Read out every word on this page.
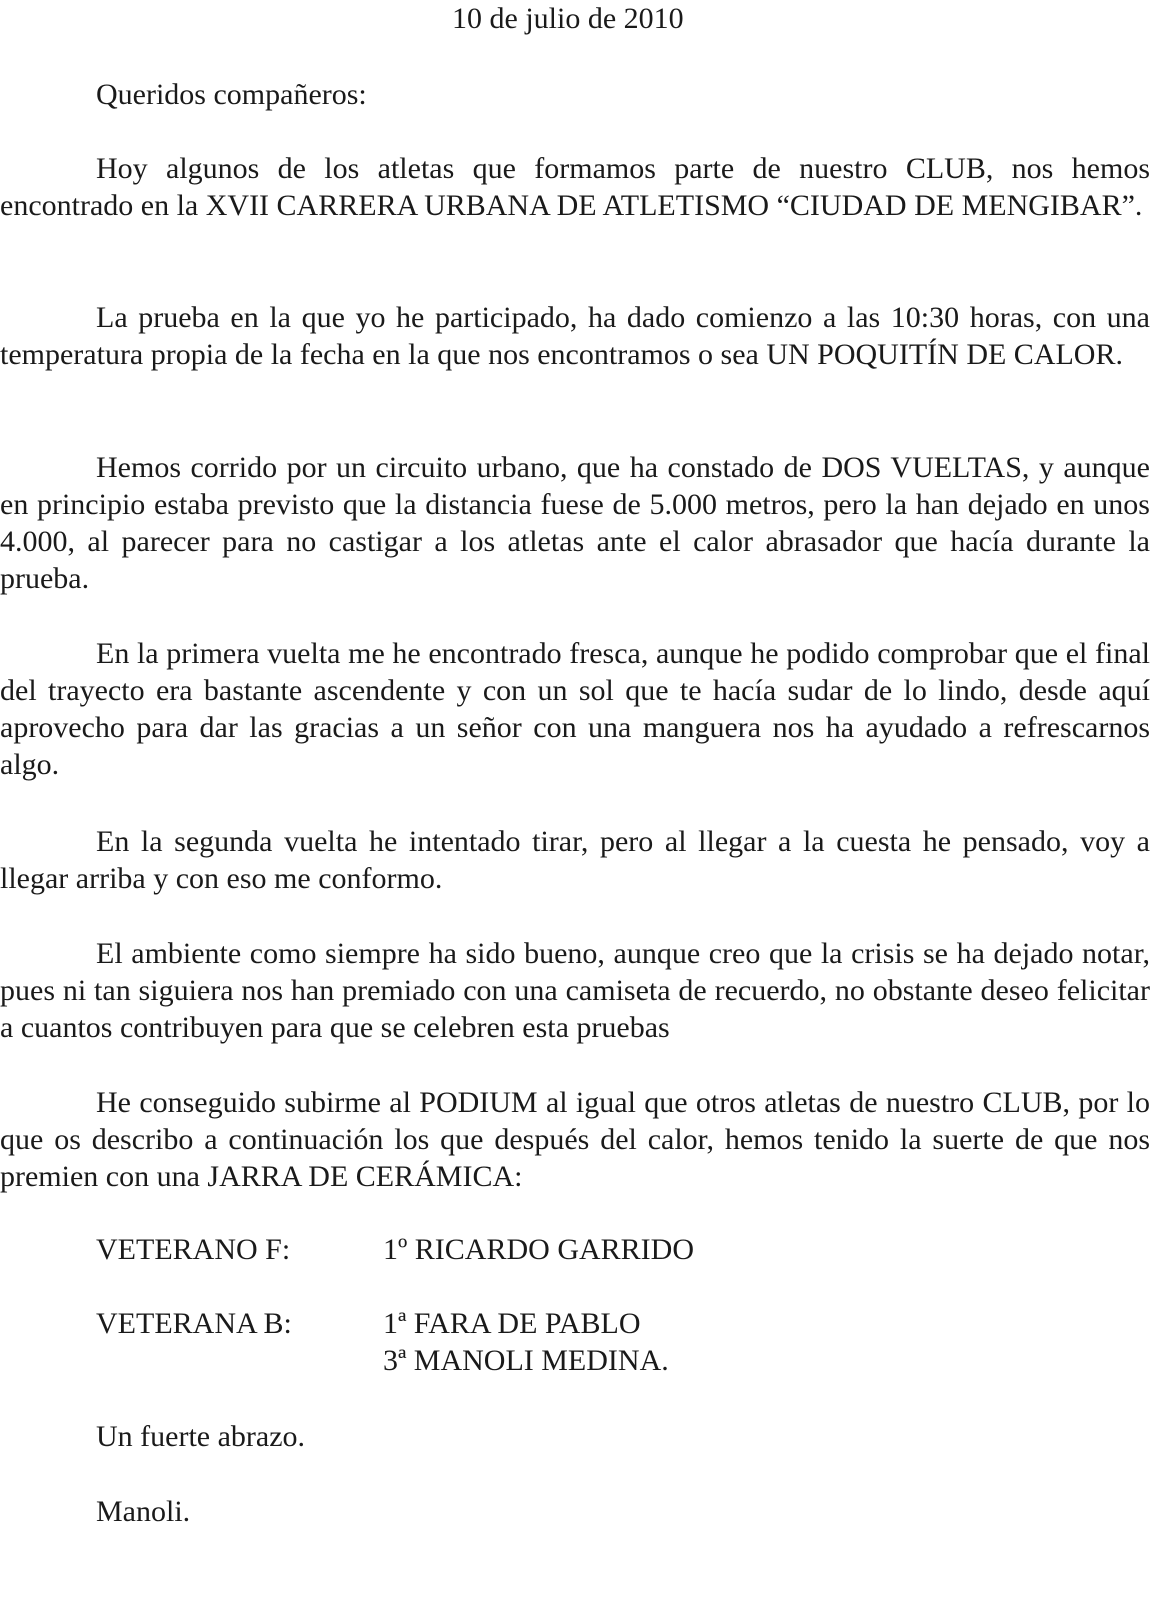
10 de julio de 2010
Queridos compañeros:

Hoy algunos de los atletas que formamos parte de nuestro CLUB, nos hemos encontrado en la XVII CARRERA URBANA DE ATLETISMO “CIUDAD DE MENGIBAR”.

La prueba en la que yo he participado, ha dado comienzo a las 10:30 horas, con una temperatura propia de la fecha en la que nos encontramos o sea UN POQUITÍN DE CALOR.

Hemos corrido por un circuito urbano, que ha constado de DOS VUELTAS, y aunque en principio estaba previsto que la distancia fuese de 5.000 metros, pero la han dejado en unos 4.000, al parecer para no castigar a los atletas ante el calor abrasador que hacía durante la prueba.

En la primera vuelta me he encontrado fresca, aunque he podido comprobar que el final del trayecto era bastante ascendente y con un sol que te hacía sudar de lo lindo, desde aquí aprovecho para dar las gracias a un señor con una manguera nos ha ayudado a refrescarnos algo.

En la segunda vuelta he intentado tirar, pero al llegar a la cuesta he pensado, voy a llegar arriba y con eso me conformo.

El ambiente como siempre ha sido bueno, aunque creo que la crisis se ha dejado notar, pues ni tan siguiera nos han premiado con una camiseta de recuerdo, no obstante deseo felicitar a cuantos contribuyen para que se celebren esta pruebas

He conseguido subirme al PODIUM al igual que otros atletas de nuestro CLUB, por lo que os describo a continuación los que después del calor, hemos tenido la suerte de que nos premien con una JARRA DE CERÁMICA:

VETERANO F:	1º RICARDO GARRIDO
VETERANA B:	1ª FARA DE PABLO
3ª MANOLI MEDINA.
Un fuerte abrazo.
Manoli.
